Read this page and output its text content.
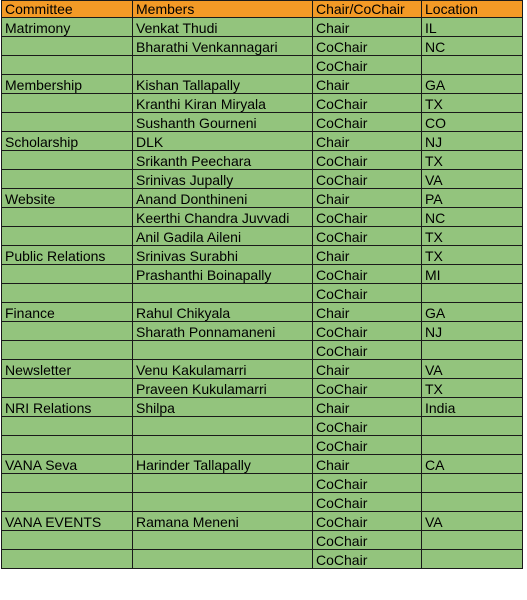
Committee	Members	Chair/CoChair	Location
Matrimony	Venkat Thudi	Chair	IL
	Bharathi Venkannagari	CoChair	NC
		CoChair	
Membership	Kishan Tallapally	Chair	GA
	Kranthi Kiran Miryala	CoChair	TX
	Sushanth Gourneni	CoChair	CO
Scholarship	DLK	Chair	NJ
	Srikanth Peechara	CoChair	TX
	Srinivas Jupally	CoChair	VA
Website	Anand Donthineni	Chair	PA
	Keerthi Chandra Juvvadi	CoChair	NC
	Anil Gadila Aileni	CoChair	TX
Public Relations	Srinivas Surabhi	Chair	TX
	Prashanthi Boinapally	CoChair	MI
		CoChair	
Finance	Rahul Chikyala	Chair	GA
	Sharath Ponnamaneni	CoChair	NJ
		CoChair	
Newsletter	Venu Kakulamarri	Chair	VA
	Praveen Kukulamarri	CoChair	TX
NRI Relations	Shilpa	Chair	India
		CoChair	
		CoChair	
VANA Seva	Harinder Tallapally	Chair	CA
		CoChair	
		CoChair	
VANA EVENTS	Ramana Meneni	CoChair	VA
		CoChair	
		CoChair	
